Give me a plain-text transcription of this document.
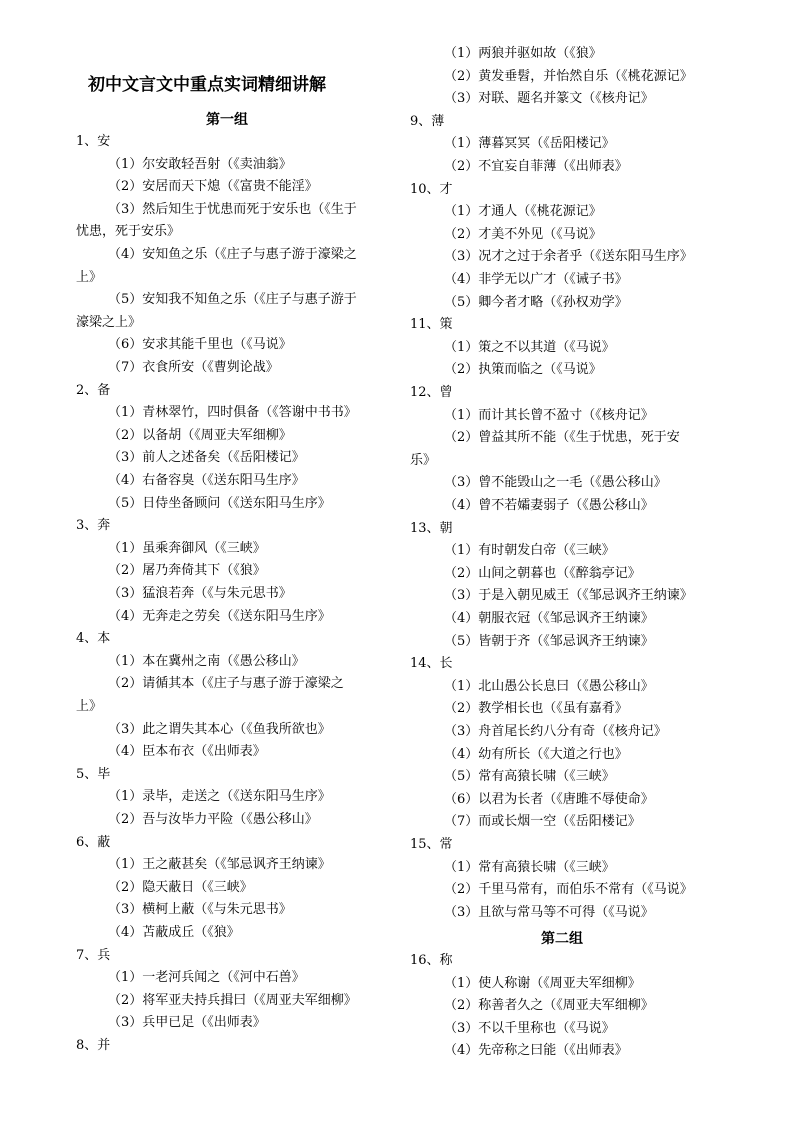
初中文言文中重点实词精细讲解
第一组
第二组
1、安
（1）尔安敢轻吾射（《卖油翁》
（2）安居而天下熄（《富贵不能淫》
（3）然后知生于忧患而死于安乐也（《生于
忧患，死于安乐》
（4）安知鱼之乐（《庄子与惠子游于濠梁之
上》
（5）安知我不知鱼之乐（《庄子与惠子游于
濠梁之上》
（6）安求其能千里也（《马说》
（7）衣食所安（《曹刿论战》
2、备
（1）青林翠竹，四时俱备（《答谢中书书》
（2）以备胡（《周亚夫军细柳》
（3）前人之述备矣（《岳阳楼记》
（4）右备容臭（《送东阳马生序》
（5）日侍坐备顾问（《送东阳马生序》
3、奔
（1）虽乘奔御风（《三峡》
（2）屠乃奔倚其下（《狼》
（3）猛浪若奔（《与朱元思书》
（4）无奔走之劳矣（《送东阳马生序》
4、本
（1）本在冀州之南（《愚公移山》
（2）请循其本（《庄子与惠子游于濠梁之
上》
（3）此之谓失其本心（《鱼我所欲也》
（4）臣本布衣（《出师表》
5、毕
（1）录毕，走送之（《送东阳马生序》
（2）吾与汝毕力平险（《愚公移山》
6、蔽
（1）王之蔽甚矣（《邹忌讽齐王纳谏》
（2）隐天蔽日（《三峡》
（3）横柯上蔽（《与朱元思书》
（4）苫蔽成丘（《狼》
7、兵
（1）一老河兵闻之（《河中石兽》
（2）将军亚夫持兵揖曰（《周亚夫军细柳》
（3）兵甲已足（《出师表》
8、并
（1）两狼并驱如故（《狼》
（2）黄发垂髫，并怡然自乐（《桃花源记》
（3）对联、题名并篆文（《核舟记》
9、薄
（1）薄暮冥冥（《岳阳楼记》
（2）不宜妄自菲薄（《出师表》
10、才
（1）才通人（《桃花源记》
（2）才美不外见（《马说》
（3）况才之过于余者乎（《送东阳马生序》
（4）非学无以广才（《诫子书》
（5）卿今者才略（《孙权劝学》
11、策
（1）策之不以其道（《马说》
（2）执策而临之（《马说》
12、曾
（1）而计其长曾不盈寸（《核舟记》
（2）曾益其所不能（《生于忧患，死于安
乐》
（3）曾不能毁山之一毛（《愚公移山》
（4）曾不若孀妻弱子（《愚公移山》
13、朝
（1）有时朝发白帝（《三峡》
（2）山间之朝暮也（《醉翁亭记》
（3）于是入朝见威王（《邹忌讽齐王纳谏》
（4）朝服衣冠（《邹忌讽齐王纳谏》
（5）皆朝于齐（《邹忌讽齐王纳谏》
14、长
（1）北山愚公长息曰（《愚公移山》
（2）教学相长也（《虽有嘉肴》
（3）舟首尾长约八分有奇（《核舟记》
（4）幼有所长（《大道之行也》
（5）常有高猿长啸（《三峡》
（6）以君为长者（《唐雎不辱使命》
（7）而或长烟一空（《岳阳楼记》
15、常
（1）常有高猿长啸（《三峡》
（2）千里马常有，而伯乐不常有（《马说》
（3）且欲与常马等不可得（《马说》
16、称
（1）使人称谢（《周亚夫军细柳》
（2）称善者久之（《周亚夫军细柳》
（3）不以千里称也（《马说》
（4）先帝称之曰能（《出师表》
